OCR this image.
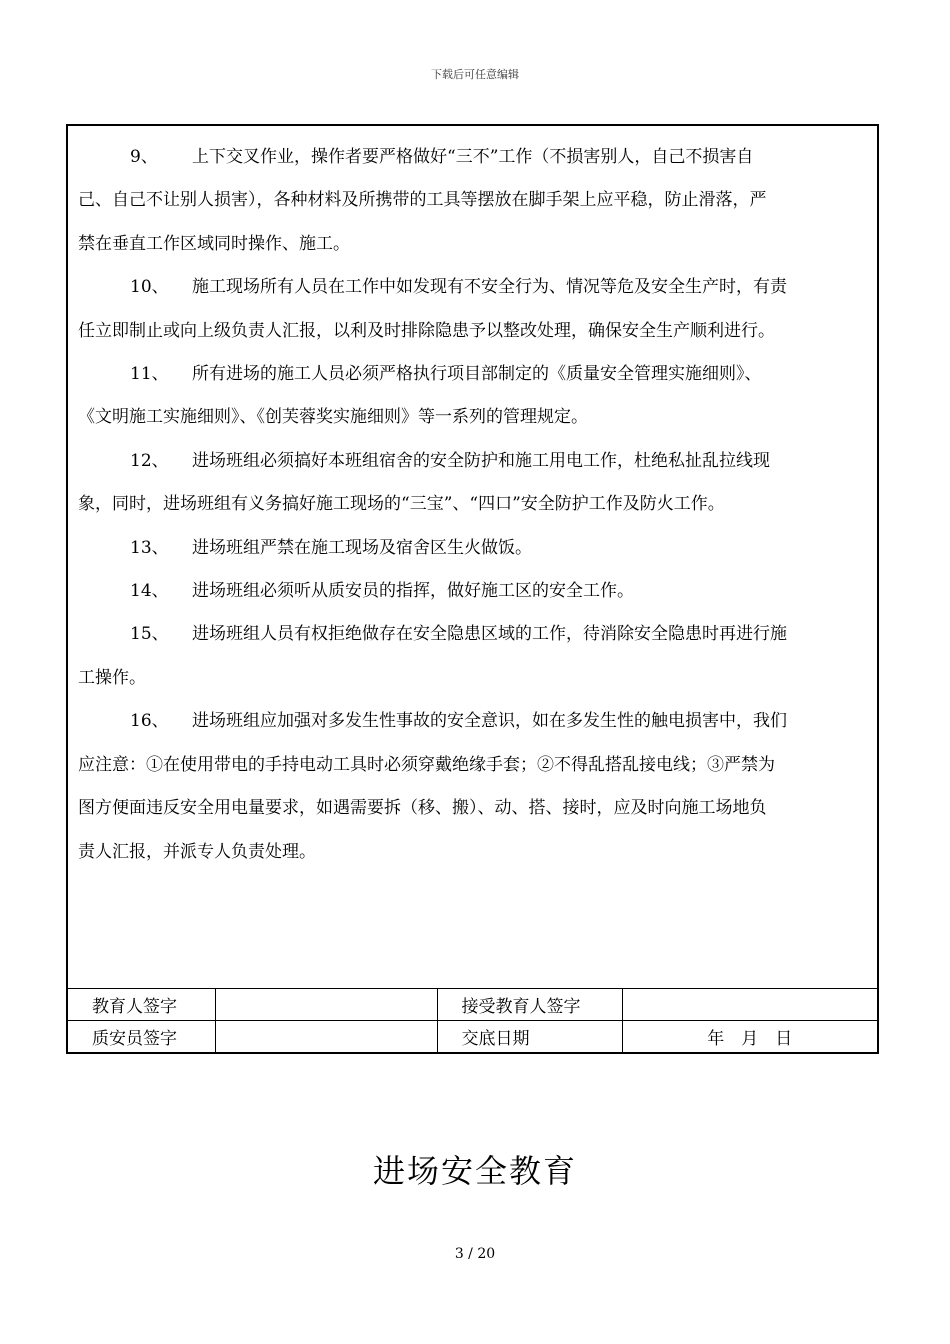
下载后可任意编辑

9、 上下交叉作业，操作者要严格做好“三不”工作（不损害别人，自己不损害自

己、自己不让别人损害），各种材料及所携带的工具等摆放在脚手架上应平稳，防止滑落，严

禁在垂直工作区域同时操作、施工。

10、 施工现场所有人员在工作中如发现有不安全行为、情况等危及安全生产时，有责

任立即制止或向上级负责人汇报，以利及时排除隐患予以整改处理，确保安全生产顺利进行。

11、 所有进场的施工人员必须严格执行项目部制定的《质量安全管理实施细则》、

《文明施工实施细则》、《创芙蓉奖实施细则》等一系列的管理规定。

12、 进场班组必须搞好本班组宿舍的安全防护和施工用电工作，杜绝私扯乱拉线现

象，同时，进场班组有义务搞好施工现场的“三宝”、“四口”安全防护工作及防火工作。

13、 进场班组严禁在施工现场及宿舍区生火做饭。

14、 进场班组必须听从质安员的指挥，做好施工区的安全工作。

15、 进场班组人员有权拒绝做存在安全隐患区域的工作，待消除安全隐患时再进行施

工操作。

16、 进场班组应加强对多发生性事故的安全意识，如在多发生性的触电损害中，我们

应注意：①在使用带电的手持电动工具时必须穿戴绝缘手套；②不得乱搭乱接电线；③严禁为

图方便面违反安全用电量要求，如遇需要拆（移、搬）、动、搭、接时，应及时向施工场地负

责人汇报，并派专人负责处理。

教育人签字		接受教育人签字	
质安员签字		交底日期	年　月　日
进场安全教育
3 / 20
